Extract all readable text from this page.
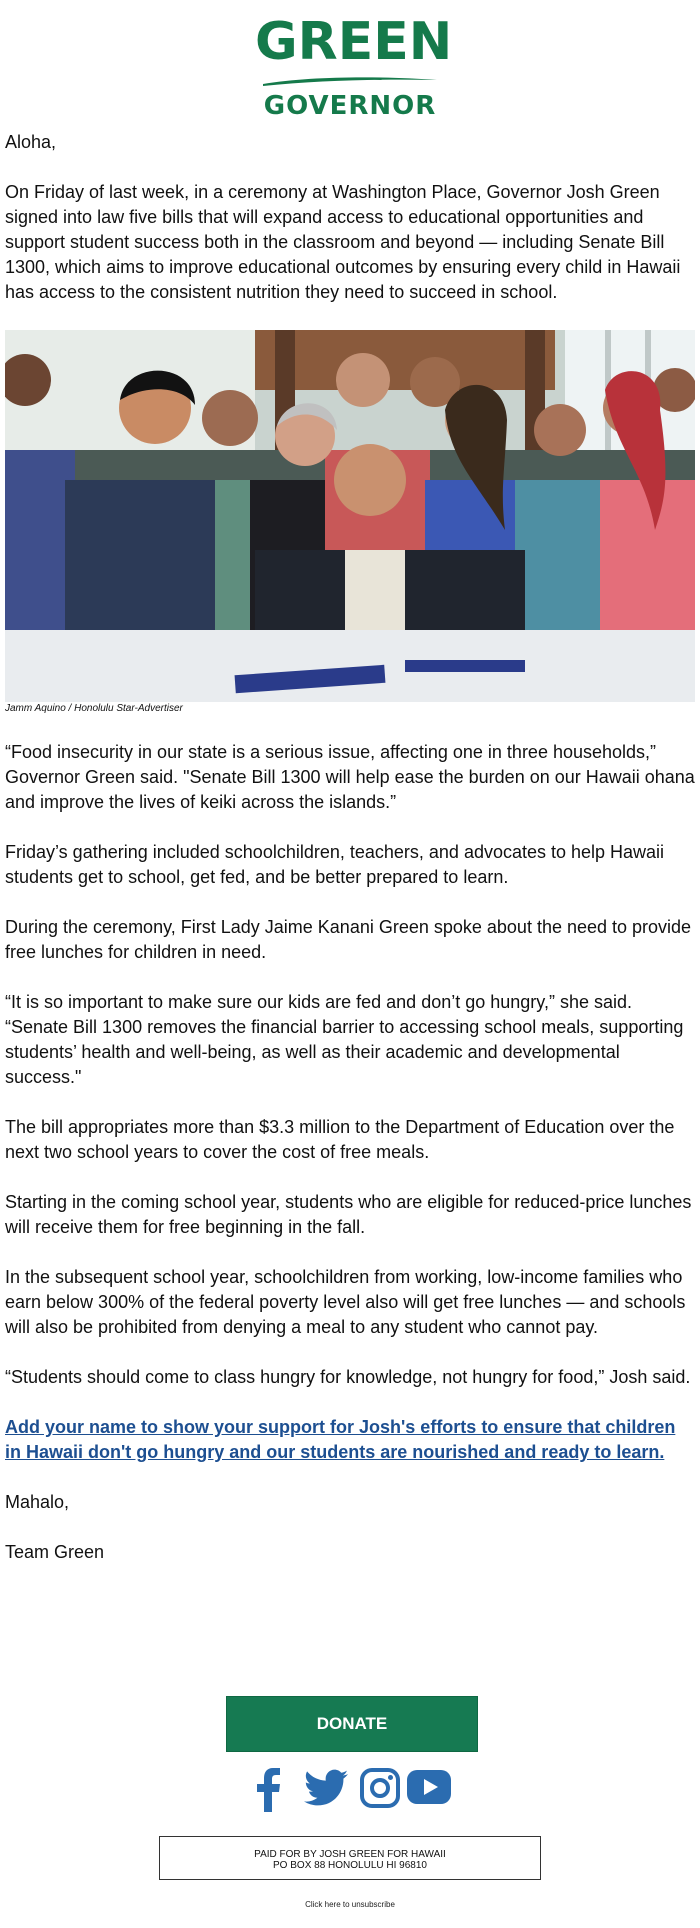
GREEN
GOVERNOR

Aloha,

On Friday of last week, in a ceremony at Washington Place, Governor Josh Green signed into law five bills that will expand access to educational opportunities and support student success both in the classroom and beyond — including Senate Bill 1300, which aims to improve educational outcomes by ensuring every child in Hawaii has access to the consistent nutrition they need to succeed in school.

Jamm Aquino / Honolulu Star-Advertiser

“Food insecurity in our state is a serious issue, affecting one in three households,” Governor Green said. "Senate Bill 1300 will help ease the burden on our Hawaii ohana and improve the lives of keiki across the islands.”

Friday’s gathering included schoolchildren, teachers, and advocates to help Hawaii students get to school, get fed, and be better prepared to learn.

During the ceremony, First Lady Jaime Kanani Green spoke about the need to provide free lunches for children in need.

“It is so important to make sure our kids are fed and don’t go hungry,” she said. “Senate Bill 1300 removes the financial barrier to accessing school meals, supporting students’ health and well-being, as well as their academic and developmental success."

The bill appropriates more than $3.3 million to the Department of Education over the next two school years to cover the cost of free meals.

Starting in the coming school year, students who are eligible for reduced-price lunches will receive them for free beginning in the fall.

In the subsequent school year, schoolchildren from working, low-income families who earn below 300% of the federal poverty level also will get free lunches — and schools will also be prohibited from denying a meal to any student who cannot pay.

“Students should come to class hungry for knowledge, not hungry for food,” Josh said.

Add your name to show your support for Josh's efforts to ensure that children in Hawaii don't go hungry and our students are nourished and ready to learn.

Mahalo,

Team Green

DONATE
PAID FOR BY JOSH GREEN FOR HAWAII
PO BOX 88 HONOLULU HI 96810
Click here to unsubscribe
